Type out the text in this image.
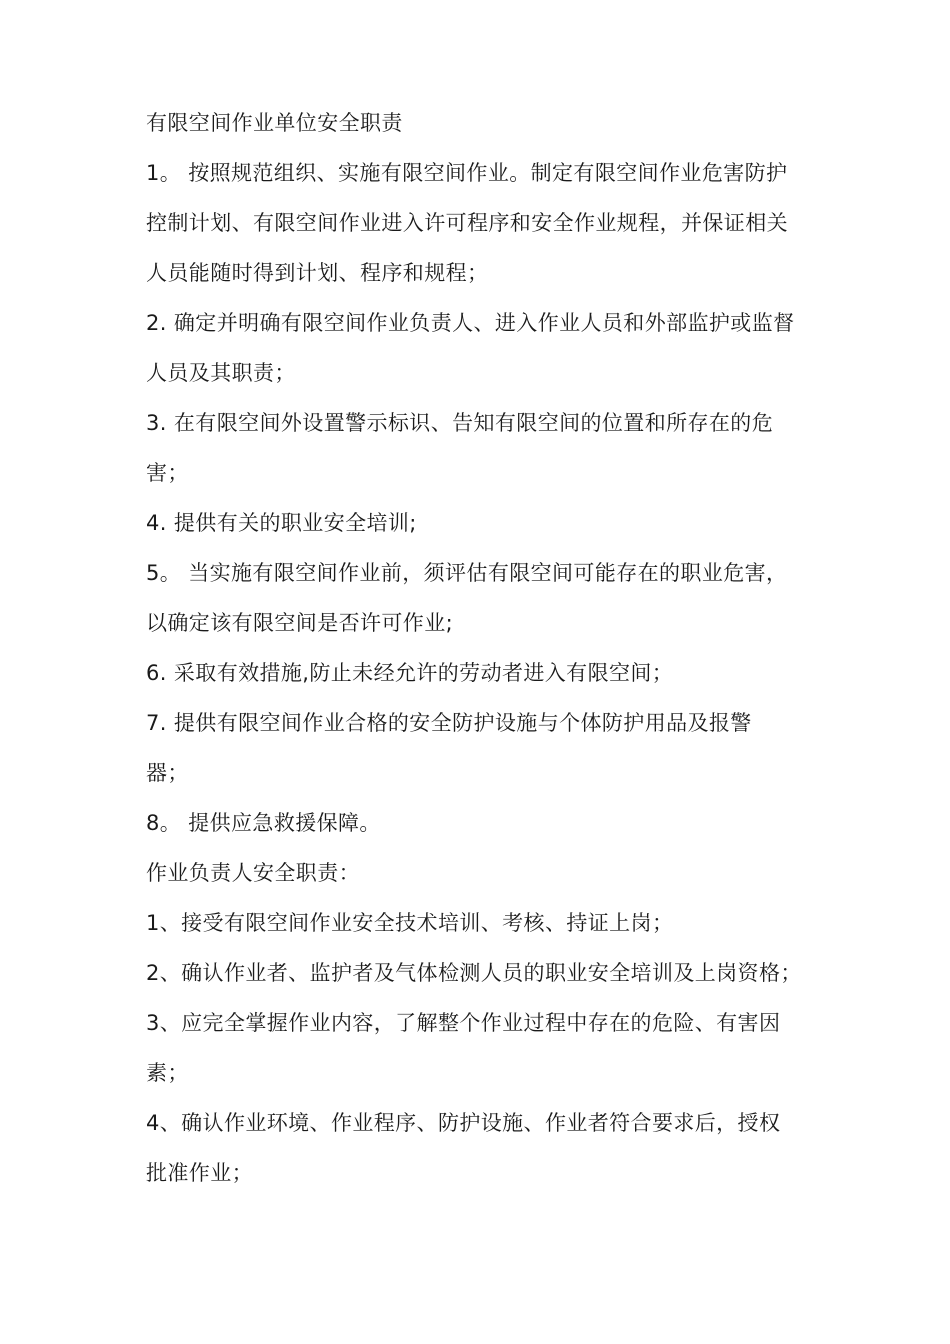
有限空间作业单位安全职责
1。 按照规范组织、实施有限空间作业。制定有限空间作业危害防护
控制计划、有限空间作业进入许可程序和安全作业规程，并保证相关
人员能随时得到计划、程序和规程；
2. 确定并明确有限空间作业负责人、进入作业人员和外部监护或监督
人员及其职责；
3. 在有限空间外设置警示标识、告知有限空间的位置和所存在的危
害；
4. 提供有关的职业安全培训;
5。 当实施有限空间作业前，须评估有限空间可能存在的职业危害，
以确定该有限空间是否许可作业;
6. 采取有效措施,防止未经允许的劳动者进入有限空间；
7. 提供有限空间作业合格的安全防护设施与个体防护用品及报警
器；
8。 提供应急救援保障。
作业负责人安全职责：
1、接受有限空间作业安全技术培训、考核、持证上岗；
2、确认作业者、监护者及气体检测人员的职业安全培训及上岗资格；
3、应完全掌握作业内容，了解整个作业过程中存在的危险、有害因
素；
4、确认作业环境、作业程序、防护设施、作业者符合要求后，授权
批准作业；
